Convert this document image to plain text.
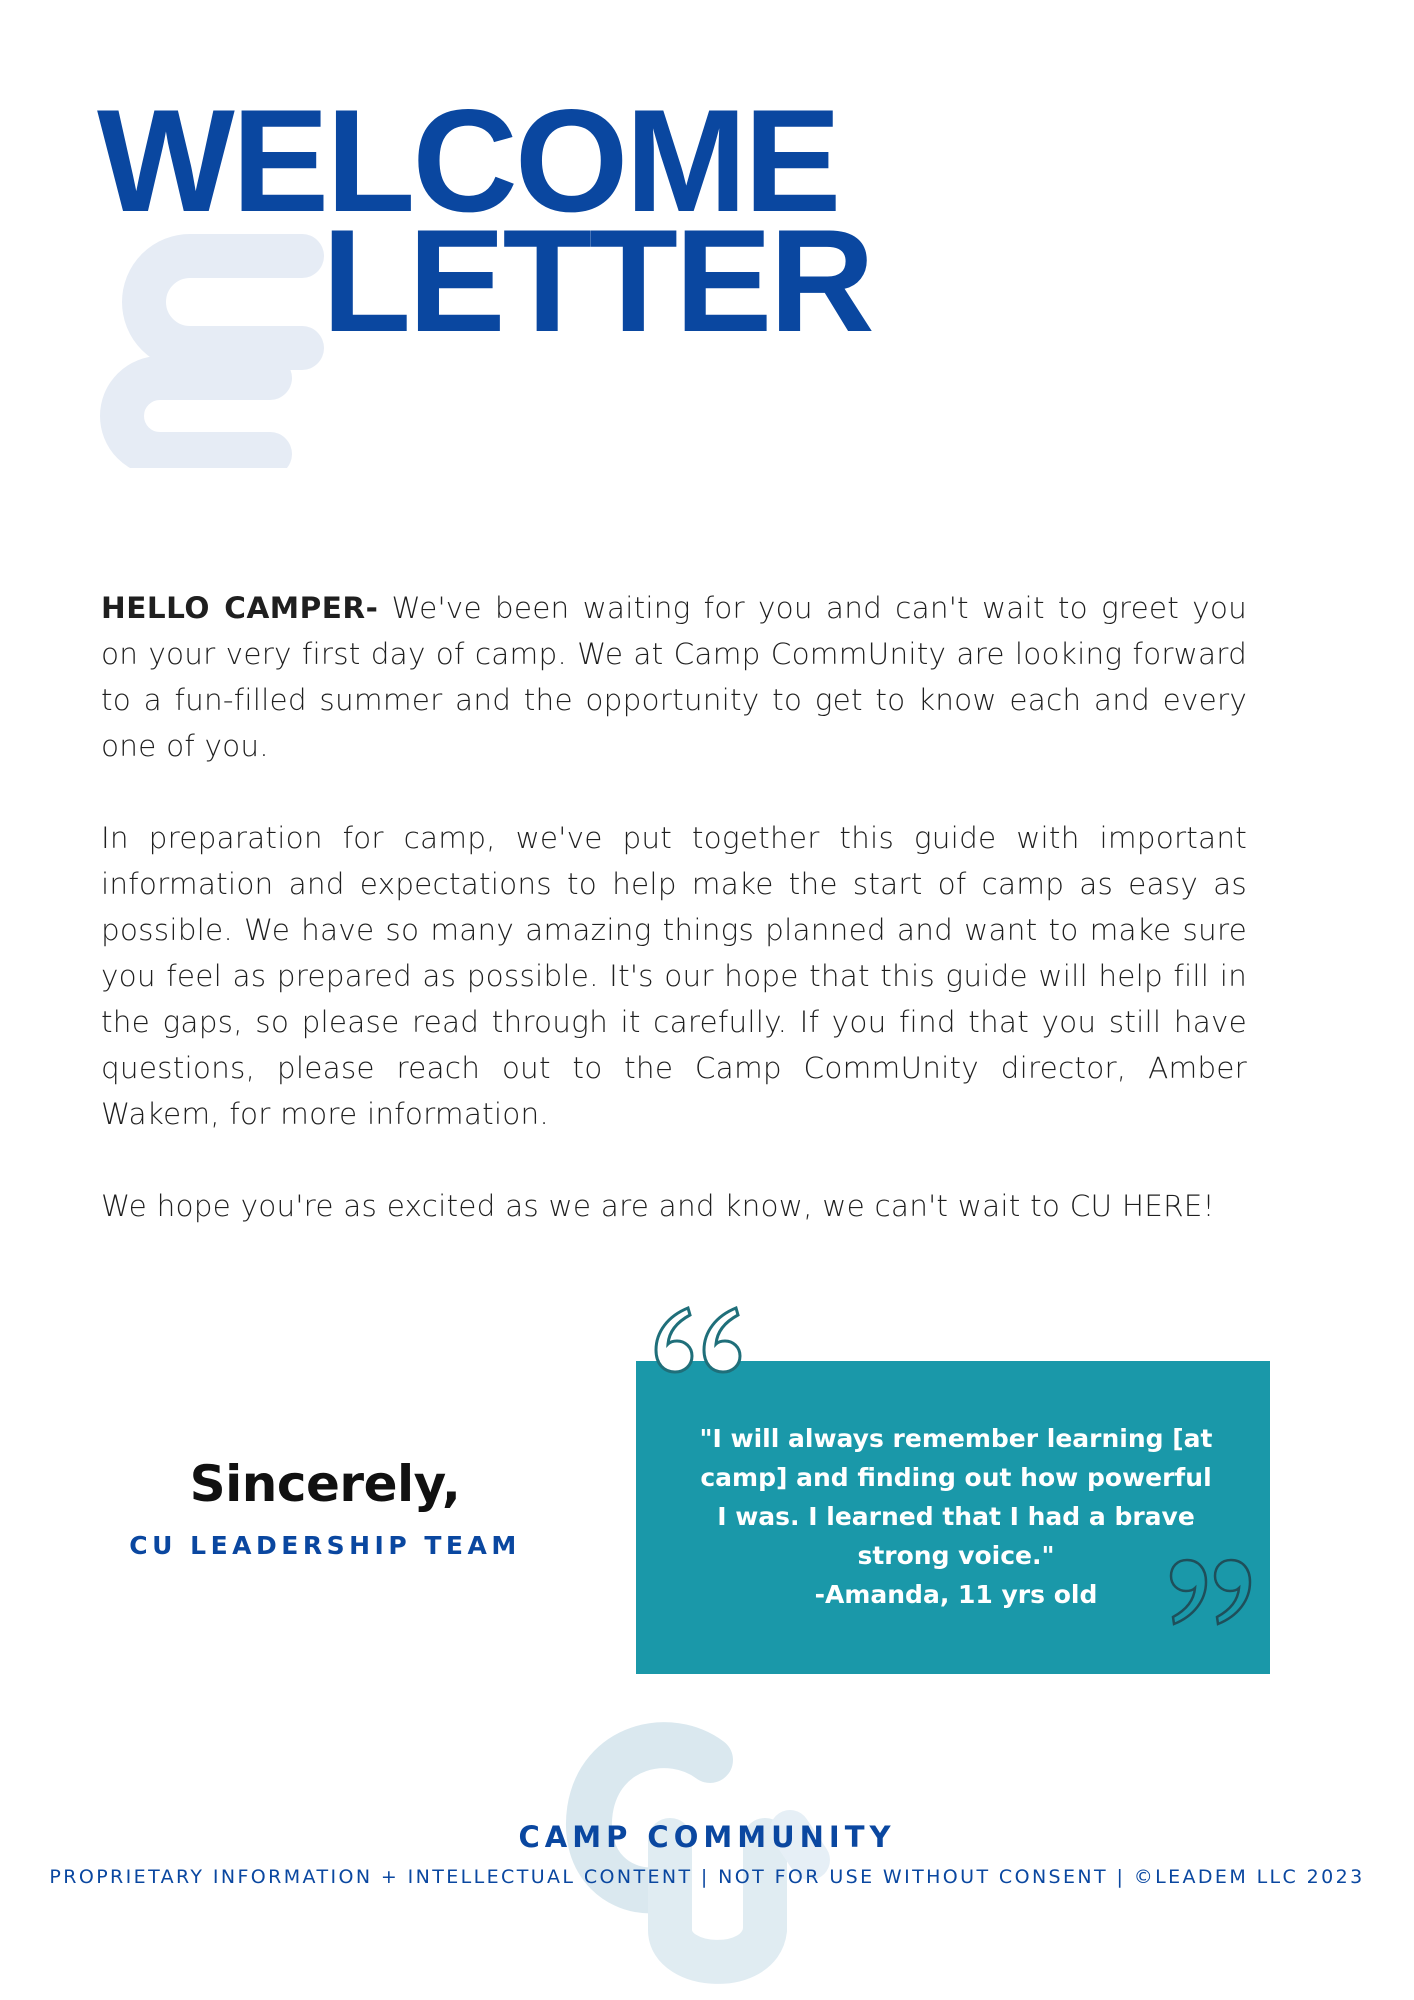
WELCOME
LETTER

HELLO CAMPER- We've been waiting for you and can't wait to greet you on your very first day of camp. We at Camp CommUnity are looking forward to a fun-filled summer and the opportunity to get to know each and every one of you.

In preparation for camp, we've put together this guide with important information and expectations to help make the start of camp as easy as possible. We have so many amazing things planned and want to make sure you feel as prepared as possible. It's our hope that this guide will help fill in the gaps, so please read through it carefully. If you find that you still have questions, please reach out to the Camp CommUnity director, Amber Wakem, for more information.

We hope you're as excited as we are and know, we can't wait to CU HERE!

Sincerely,

CU LEADERSHIP TEAM
"I will always remember learning [at camp] and finding out how powerful I was. I learned that I had a brave strong voice."
-Amanda, 11 yrs old
CAMP COMMUNITY
PROPRIETARY INFORMATION + INTELLECTUAL CONTENT | NOT FOR USE WITHOUT CONSENT | ©LEADEM LLC 2023
